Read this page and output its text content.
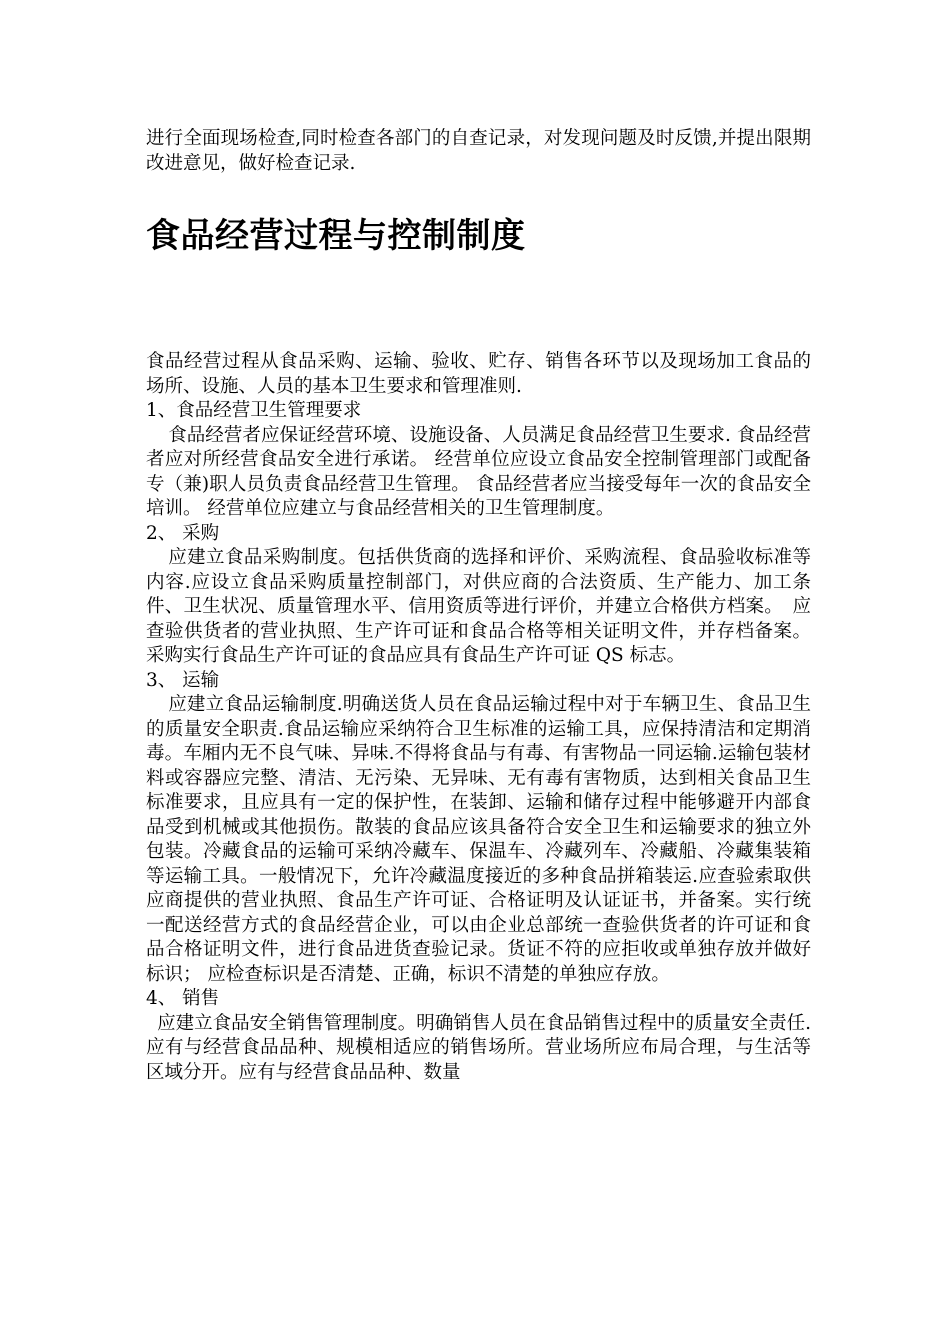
进行全面现场检查,同时检查各部门的自查记录，对发现问题及时反馈,并提出限期改进意见，做好检查记录.

食品经营过程与控制制度

食品经营过程从食品采购、运输、验收、贮存、销售各环节以及现场加工食品的场所、设施、人员的基本卫生要求和管理准则.

1、食品经营卫生管理要求

食品经营者应保证经营环境、设施设备、人员满足食品经营卫生要求. 食品经营者应对所经营食品安全进行承诺。 经营单位应设立食品安全控制管理部门或配备专（兼)职人员负责食品经营卫生管理。 食品经营者应当接受每年一次的食品安全培训。 经营单位应建立与食品经营相关的卫生管理制度。

2、 采购

应建立食品采购制度。包括供货商的选择和评价、采购流程、食品验收标准等内容.应设立食品采购质量控制部门，对供应商的合法资质、生产能力、加工条件、卫生状况、质量管理水平、信用资质等进行评价，并建立合格供方档案。　应查验供货者的营业执照、生产许可证和食品合格等相关证明文件，并存档备案。采购实行食品生产许可证的食品应具有食品生产许可证 QS 标志。

3、 运输

应建立食品运输制度.明确送货人员在食品运输过程中对于车辆卫生、食品卫生的质量安全职责.食品运输应采纳符合卫生标准的运输工具，应保持清洁和定期消毒。车厢内无不良气味、异味.不得将食品与有毒、有害物品一同运输.运输包装材料或容器应完整、清洁、无污染、无异味、无有毒有害物质，达到相关食品卫生标准要求，且应具有一定的保护性，在装卸、运输和储存过程中能够避开内部食品受到机械或其他损伤。散装的食品应该具备符合安全卫生和运输要求的独立外包装。冷藏食品的运输可采纳冷藏车、保温车、冷藏列车、冷藏船、冷藏集装箱等运输工具。一般情况下，允许冷藏温度接近的多种食品拼箱装运.应查验索取供应商提供的营业执照、食品生产许可证、合格证明及认证证书，并备案。实行统一配送经营方式的食品经营企业，可以由企业总部统一查验供货者的许可证和食品合格证明文件，进行食品进货查验记录。货证不符的应拒收或单独存放并做好标识； 应检查标识是否清楚、正确，标识不清楚的单独应存放。

4、 销售

应建立食品安全销售管理制度。明确销售人员在食品销售过程中的质量安全责任.应有与经营食品品种、规模相适应的销售场所。营业场所应布局合理，与生活等区域分开。应有与经营食品品种、数量
